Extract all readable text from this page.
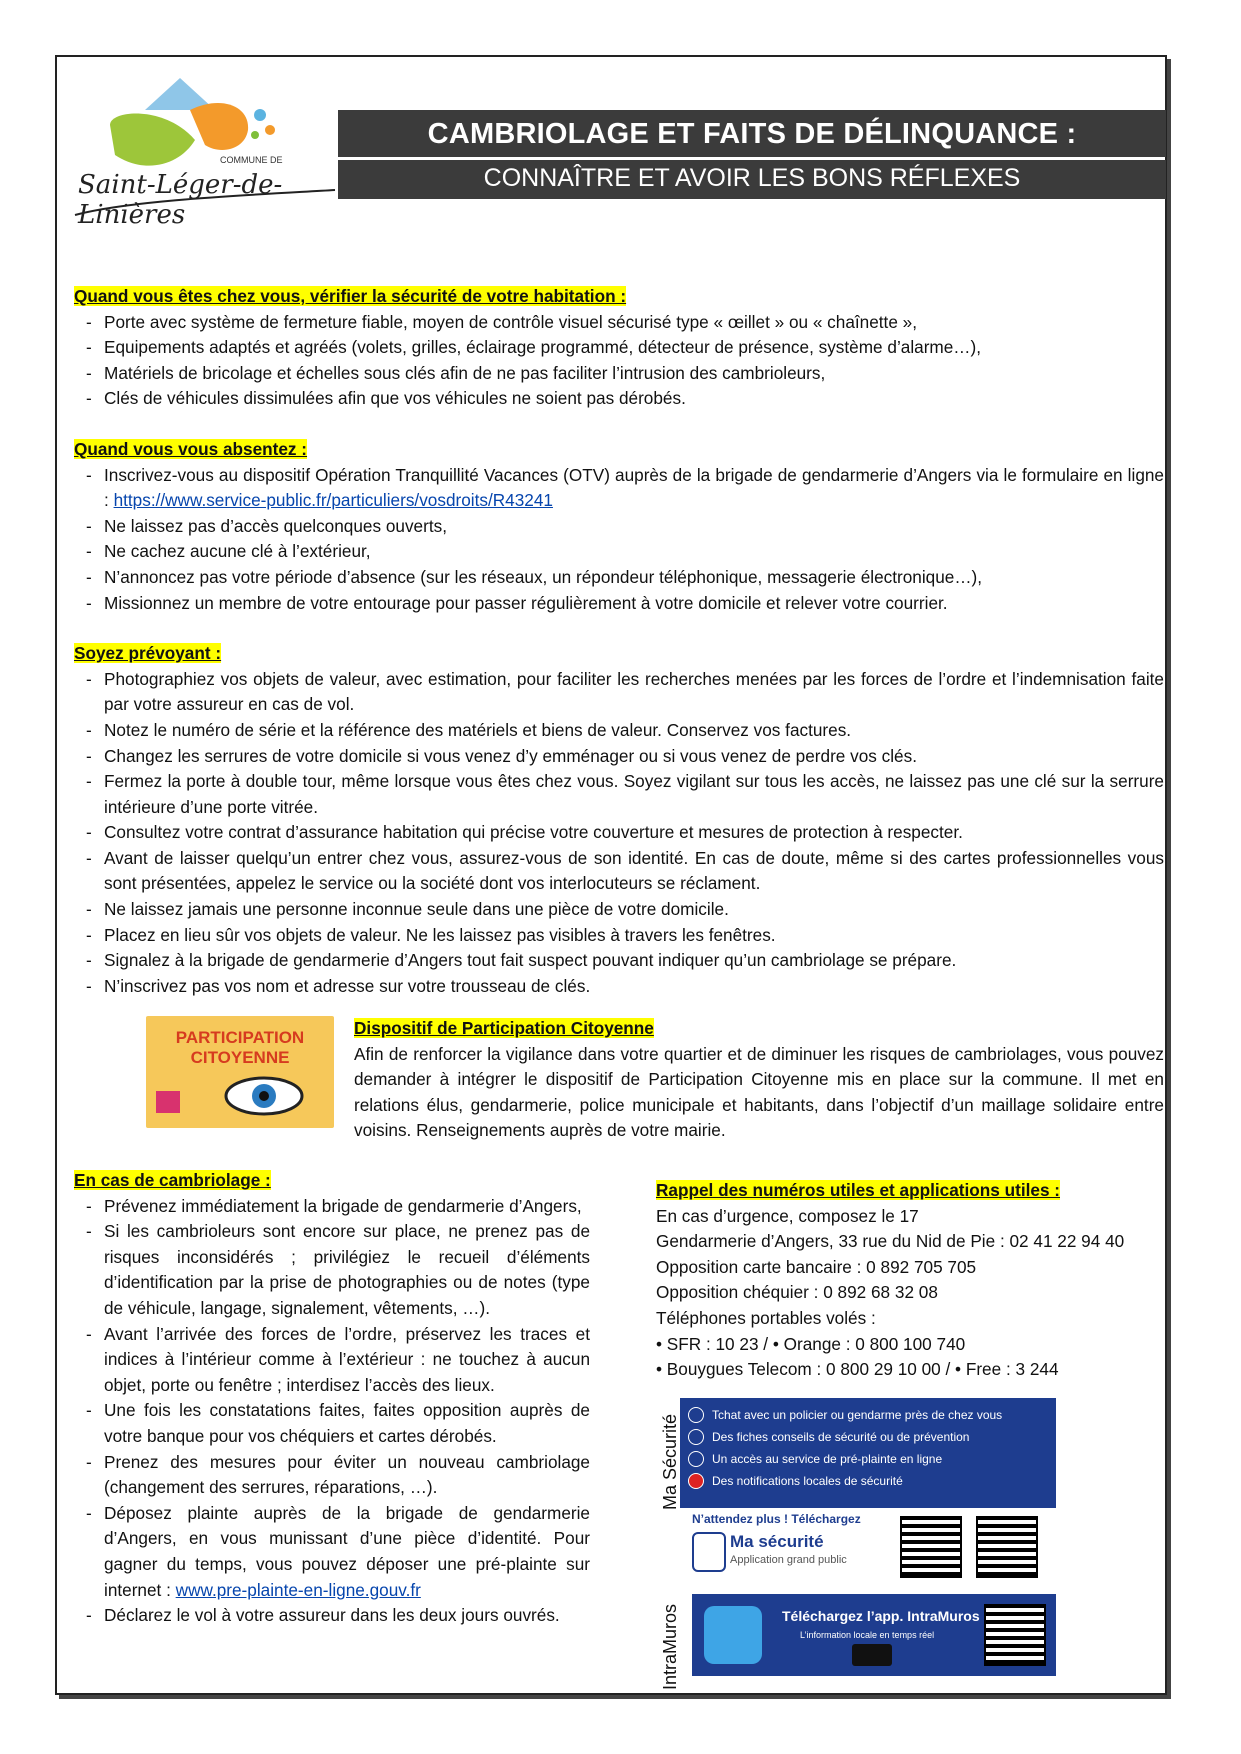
COMMUNE DE
Saint-Léger-de-Linières
CAMBRIOLAGE ET FAITS DE DÉLINQUANCE :
CONNAÎTRE ET AVOIR LES BONS RÉFLEXES
Quand vous êtes chez vous, vérifier la sécurité de votre habitation :
- Porte avec système de fermeture fiable, moyen de contrôle visuel sécurisé type « œillet » ou « chaînette »,
- Equipements adaptés et agréés (volets, grilles, éclairage programmé, détecteur de présence, système d’alarme…),
- Matériels de bricolage et échelles sous clés afin de ne pas faciliter l’intrusion des cambrioleurs,
- Clés de véhicules dissimulées afin que vos véhicules ne soient pas dérobés.
Quand vous vous absentez :
- Inscrivez-vous au dispositif Opération Tranquillité Vacances (OTV) auprès de la brigade de gendarmerie d’Angers via le formulaire en ligne : https://www.service-public.fr/particuliers/vosdroits/R43241
- Ne laissez pas d’accès quelconques ouverts,
- Ne cachez aucune clé à l’extérieur,
- N’annoncez pas votre période d’absence (sur les réseaux, un répondeur téléphonique, messagerie électronique…),
- Missionnez un membre de votre entourage pour passer régulièrement à votre domicile et relever votre courrier.
Soyez prévoyant :
- Photographiez vos objets de valeur, avec estimation, pour faciliter les recherches menées par les forces de l’ordre et l’indemnisation faite par votre assureur en cas de vol.
- Notez le numéro de série et la référence des matériels et biens de valeur. Conservez vos factures.
- Changez les serrures de votre domicile si vous venez d’y emménager ou si vous venez de perdre vos clés.
- Fermez la porte à double tour, même lorsque vous êtes chez vous. Soyez vigilant sur tous les accès, ne laissez pas une clé sur la serrure intérieure d’une porte vitrée.
- Consultez votre contrat d’assurance habitation qui précise votre couverture et mesures de protection à respecter.
- Avant de laisser quelqu’un entrer chez vous, assurez-vous de son identité. En cas de doute, même si des cartes professionnelles vous sont présentées, appelez le service ou la société dont vos interlocuteurs se réclament.
- Ne laissez jamais une personne inconnue seule dans une pièce de votre domicile.
- Placez en lieu sûr vos objets de valeur. Ne les laissez pas visibles à travers les fenêtres.
- Signalez à la brigade de gendarmerie d’Angers tout fait suspect pouvant indiquer qu’un cambriolage se prépare.
- N’inscrivez pas vos nom et adresse sur votre trousseau de clés.
PARTICIPATION
CITOYENNE
Dispositif de Participation Citoyenne
Afin de renforcer la vigilance dans votre quartier et de diminuer les risques de cambriolages, vous pouvez demander à intégrer le dispositif de Participation Citoyenne mis en place sur la commune. Il met en relations élus, gendarmerie, police municipale et habitants, dans l’objectif d’un maillage solidaire entre voisins. Renseignements auprès de votre mairie.
En cas de cambriolage :
- Prévenez immédiatement la brigade de gendarmerie d’Angers,
- Si les cambrioleurs sont encore sur place, ne prenez pas de risques inconsidérés ; privilégiez le recueil d’éléments d’identification par la prise de photographies ou de notes (type de véhicule, langage, signalement, vêtements, …).
- Avant l’arrivée des forces de l’ordre, préservez les traces et indices à l’intérieur comme à l’extérieur : ne touchez à aucun objet, porte ou fenêtre ; interdisez l’accès des lieux.
- Une fois les constatations faites, faites opposition auprès de votre banque pour vos chéquiers et cartes dérobés.
- Prenez des mesures pour éviter un nouveau cambriolage (changement des serrures, réparations, …).
- Déposez plainte auprès de la brigade de gendarmerie d’Angers, en vous munissant d’une pièce d’identité. Pour gagner du temps, vous pouvez déposer une pré-plainte sur internet : www.pre-plainte-en-ligne.gouv.fr
- Déclarez le vol à votre assureur dans les deux jours ouvrés.
Rappel des numéros utiles et applications utiles :
En cas d’urgence, composez le 17
Gendarmerie d’Angers, 33 rue du Nid de Pie : 02 41 22 94 40
Opposition carte bancaire : 0 892 705 705
Opposition chéquier : 0 892 68 32 08
Téléphones portables volés :
• SFR : 10 23 / • Orange : 0 800 100 740
• Bouygues Telecom : 0 800 29 10 00 / • Free : 3 244
Ma Sécurité
IntraMuros
Tchat avec un policier ou gendarme près de chez vous
Des fiches conseils de sécurité ou de prévention
Un accès au service de pré-plainte en ligne
Des notifications locales de sécurité
N’attendez plus ! Téléchargez
Ma sécurité
Application grand public
Téléchargez l’app. IntraMuros
L’information locale en temps réel
